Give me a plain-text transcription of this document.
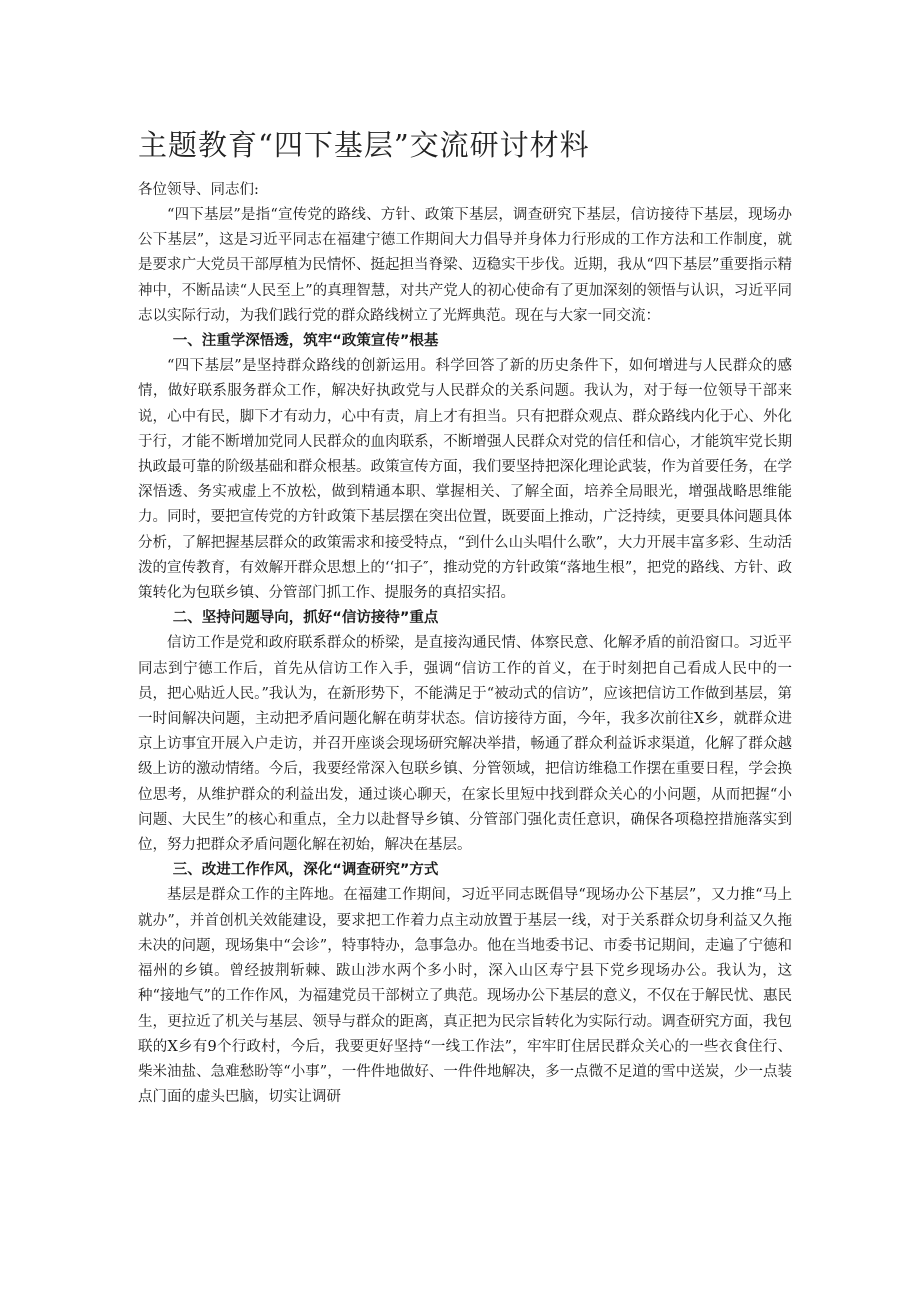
主题教育“四下基层”交流研讨材料

各位领导、同志们:

“四下基层”是指“宣传党的路线、方针、政策下基层，调查研究下基层，信访接待下基层，现场办公下基层”，这是习近平同志在福建宁德工作期间大力倡导并身体力行形成的工作方法和工作制度，就是要求广大党员干部厚植为民情怀、挺起担当脊梁、迈稳实干步伐。近期，我从“四下基层”重要指示精神中，不断品读“人民至上”的真理智慧，对共产党人的初心使命有了更加深刻的领悟与认识，习近平同志以实际行动，为我们践行党的群众路线树立了光辉典范。现在与大家一同交流：

一、注重学深悟透，筑牢“政策宣传”根基

“四下基层”是坚持群众路线的创新运用。科学回答了新的历史条件下，如何增进与人民群众的感情，做好联系服务群众工作，解决好执政党与人民群众的关系问题。我认为，对于每一位领导干部来说，心中有民，脚下才有动力，心中有责，肩上才有担当。只有把群众观点、群众路线内化于心、外化于行，才能不断增加党同人民群众的血肉联系，不断增强人民群众对党的信任和信心，才能筑牢党长期执政最可靠的阶级基础和群众根基。政策宣传方面，我们要坚持把深化理论武装，作为首要任务，在学深悟透、务实戒虚上不放松，做到精通本职、掌握相关、了解全面，培养全局眼光，增强战略思维能力。同时，要把宣传党的方针政策下基层摆在突出位置，既要面上推动，广泛持续，更要具体问题具体分析，了解把握基层群众的政策需求和接受特点，“到什么山头唱什么歌”，大力开展丰富多彩、生动活泼的宣传教育，有效解开群众思想上的‘‘扣子″，推动党的方针政策“落地生根”，把党的路线、方针、政策转化为包联乡镇、分管部门抓工作、提服务的真招实招。

二、坚持问题导向，抓好“信访接待”重点

信访工作是党和政府联系群众的桥梁，是直接沟通民情、体察民意、化解矛盾的前沿窗口。习近平同志到宁德工作后，首先从信访工作入手，强调“信访工作的首义，在于时刻把自己看成人民中的一员，把心贴近人民。”我认为，在新形势下，不能满足于“被动式的信访”，应该把信访工作做到基层，第一时间解决问题，主动把矛盾问题化解在萌芽状态。信访接待方面，今年，我多次前往X乡，就群众进京上访事宜开展入户走访，并召开座谈会现场研究解决举措，畅通了群众利益诉求渠道，化解了群众越级上访的激动情绪。今后，我要经常深入包联乡镇、分管领域，把信访维稳工作摆在重要日程，学会换位思考，从维护群众的利益出发，通过谈心聊天，在家长里短中找到群众关心的小问题，从而把握“小问题、大民生”的核心和重点，全力以赴督导乡镇、分管部门强化责任意识，确保各项稳控措施落实到位，努力把群众矛盾问题化解在初始，解决在基层。

三、改进工作作风，深化“调查研究”方式

基层是群众工作的主阵地。在福建工作期间，习近平同志既倡导“现场办公下基层”，又力推“马上就办”，并首创机关效能建设，要求把工作着力点主动放置于基层一线，对于关系群众切身利益又久拖未决的问题，现场集中“会诊”，特事特办，急事急办。他在当地委书记、市委书记期间，走遍了宁德和福州的乡镇。曾经披荆斩棘、跋山涉水两个多小时，深入山区寿宁县下党乡现场办公。我认为，这种“接地气”的工作作风，为福建党员干部树立了典范。现场办公下基层的意义，不仅在于解民忧、惠民生，更拉近了机关与基层、领导与群众的距离，真正把为民宗旨转化为实际行动。调查研究方面，我包联的X乡有9个行政村，今后，我要更好坚持“一线工作法”，牢牢盯住居民群众关心的一些衣食住行、柴米油盐、急难愁盼等“小事”，一件件地做好、一件件地解决，多一点微不足道的雪中送炭，少一点装点门面的虚头巴脑，切实让调研
